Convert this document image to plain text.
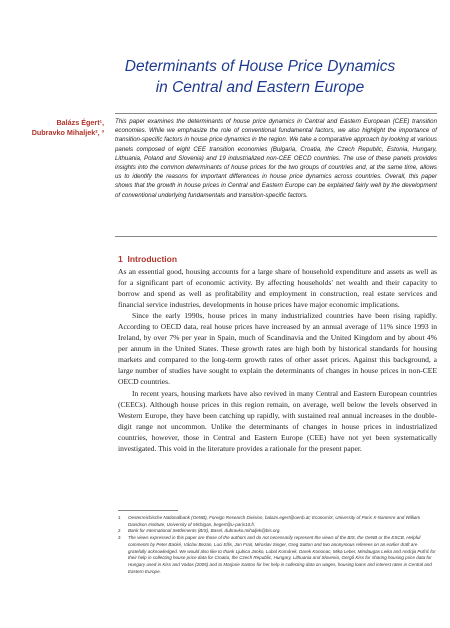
Determinants of House Price Dynamics
in Central and Eastern Europe
Balázs Égert¹,
Dubravko Mihaljek²‚ ³
This paper examines the determinants of house price dynamics in Central and Eastern European (CEE) transition economies. While we emphasize the role of conventional fundamental factors, we also highlight the importance of transition-specific factors in house price dynamics in the region. We take a comparative approach by looking at various panels composed of eight CEE transition economies (Bulgaria, Croatia, the Czech Republic, Estonia, Hungary, Lithuania, Poland and Slovenia) and 19 industrialized non-CEE OECD countries. The use of these panels provides insights into the common determinants of house prices for the two groups of countries and, at the same time, allows us to identify the reasons for important differences in house price dynamics across countries. Overall, this paper shows that the growth in house prices in Central and Eastern Europe can be explained fairly well by the development of conventional underlying fundamentals and transition-specific factors.
1 Introduction

As an essential good, housing accounts for a large share of household expenditure and assets as well as for a significant part of economic activity. By affecting households' net wealth and their capacity to borrow and spend as well as profitability and employment in construction, real estate services and financial service industries, developments in house prices have major economic implications.

Since the early 1990s, house prices in many industrialized countries have been rising rapidly. According to OECD data, real house prices have increased by an annual average of 11% since 1993 in Ireland, by over 7% per year in Spain, much of Scandinavia and the United Kingdom and by about 4% per annum in the United States. These growth rates are high both by historical standards for housing markets and compared to the long-term growth rates of other asset prices. Against this background, a large number of studies have sought to explain the determinants of changes in house prices in non-CEE OECD countries.

In recent years, housing markets have also revived in many Central and Eastern European countries (CEECs). Although house prices in this region remain, on average, well below the levels observed in Western Europe, they have been catching up rapidly, with sustained real annual increases in the double-digit range not uncommon. Unlike the determinants of changes in house prices in industrialized countries, however, those in Central and Eastern Europe (CEE) have not yet been systematically investigated. This void in the literature provides a rationale for the present paper.

1 Oesterreichische Nationalbank (OeNB), Foreign Research Division, balazs.egert@oenb.at; EconomiX, University of Paris X-Nanterre and William Davidson Institute, University of Michigan, begert@u-paris10.fr.

2 Bank for International Settlements (BIS), Basel, dubravko.mihaljek@bis.org.

3 The views expressed in this paper are those of the authors and do not necessarily represent the views of the BIS, the OeNB or the ESCB. Helpful comments by Peter Backé, Václav Bezan, Luci Ellis, Jan Frait, Miroslav Singer, Greg Sutton and two anonymous referees on an earlier draft are gratefully acknowledged. We would also like to thank Ljubica Janko, Lubol Komárek, Darek Kononac, Mika Leber, Mindaugas Leika and Andrija Pufrić for their help in collecting house price data for Croatia, the Czech Republic, Hungary, Lithuania and Slovenia, Gergő Kiss for sharing housing price data for Hungary used in Kiss and Vadas (2005) and to Marjorie Santos for her help in collecting data on wages, housing loans and interest rates in Central and Eastern Europe.
